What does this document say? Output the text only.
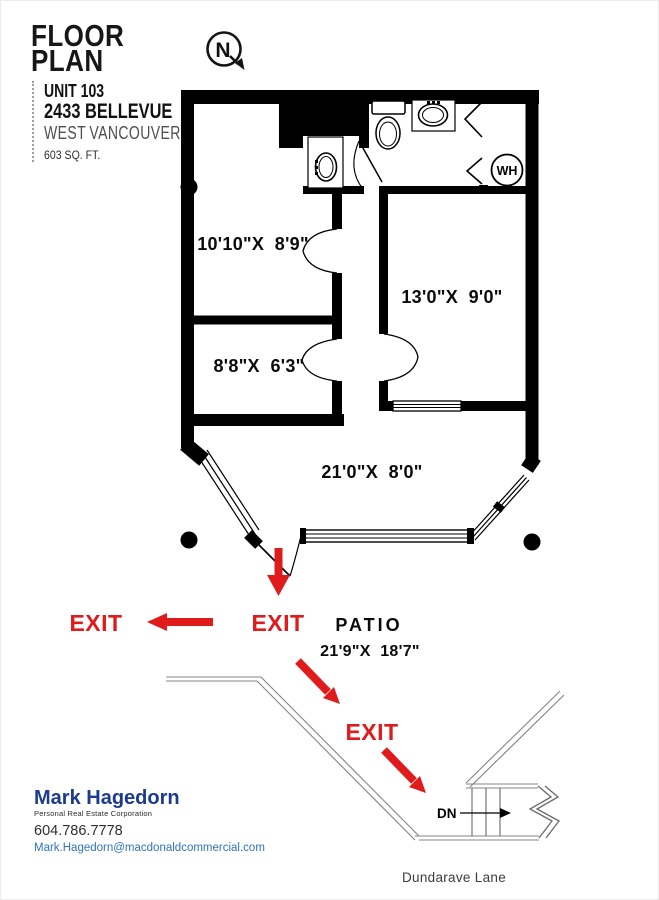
FLOOR
PLAN
UNIT 103
2433 BELLEVUE
WEST VANCOUVER
603 SQ. FT.
N
WH
10'10"X  8'9"
13'0"X  9'0"
8'8"X  6'3"
21'0"X  8'0"
DN
EXIT	EXIT
EXIT
PATIO
21'9"X  18'7"
Dundarave Lane
Mark Hagedorn
Personal Real Estate Corporation
604.786.7778
Mark.Hagedorn@macdonaldcommercial.com
